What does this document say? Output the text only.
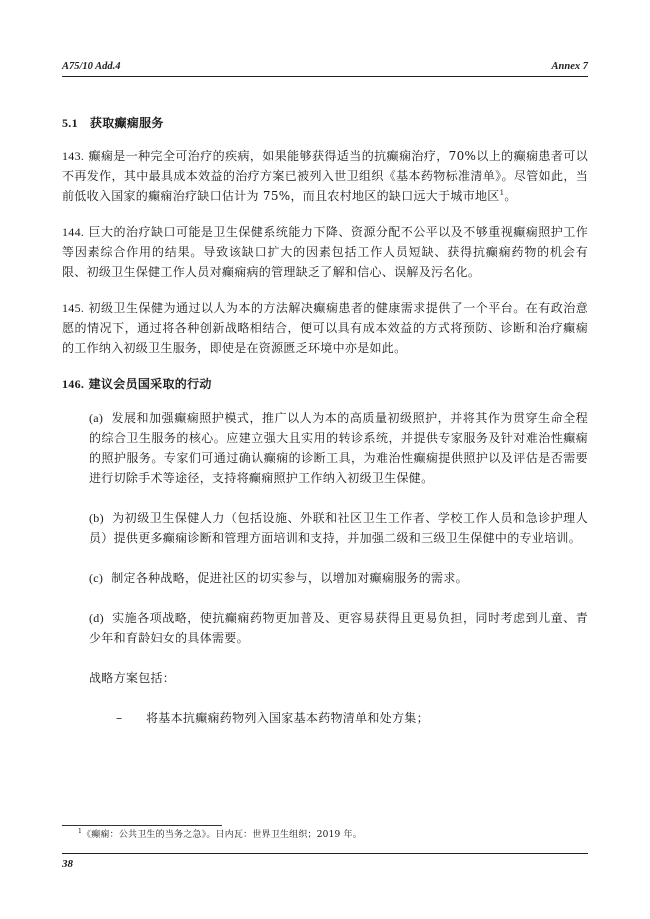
A75/10 Add.4	Annex 7
5.1 获取癫痫服务

143. 癫痫是一种完全可治疗的疾病，如果能够获得适当的抗癫痫治疗，70%以上的癫痫患者可以不再发作，其中最具成本效益的治疗方案已被列入世卫组织《基本药物标准清单》。尽管如此，当前低收入国家的癫痫治疗缺口估计为 75%，而且农村地区的缺口远大于城市地区$^1$。

144. 巨大的治疗缺口可能是卫生保健系统能力下降、资源分配不公平以及不够重视癫痫照护工作等因素综合作用的结果。导致该缺口扩大的因素包括工作人员短缺、获得抗癫痫药物的机会有限、初级卫生保健工作人员对癫痫病的管理缺乏了解和信心、误解及污名化。

145. 初级卫生保健为通过以人为本的方法解决癫痫患者的健康需求提供了一个平台。在有政治意愿的情况下，通过将各种创新战略相结合，便可以具有成本效益的方式将预防、诊断和治疗癫痫的工作纳入初级卫生服务，即使是在资源匮乏环境中亦是如此。

146. 建议会员国采取的行动

(a) 发展和加强癫痫照护模式，推广以人为本的高质量初级照护，并将其作为贯穿生命全程的综合卫生服务的核心。应建立强大且实用的转诊系统，并提供专家服务及针对难治性癫痫的照护服务。专家们可通过确认癫痫的诊断工具，为难治性癫痫提供照护以及评估是否需要进行切除手术等途径，支持将癫痫照护工作纳入初级卫生保健。

(b) 为初级卫生保健人力（包括设施、外联和社区卫生工作者、学校工作人员和急诊护理人员）提供更多癫痫诊断和管理方面培训和支持，并加强二级和三级卫生保健中的专业培训。

(c) 制定各种战略，促进社区的切实参与，以增加对癫痫服务的需求。

(d) 实施各项战略，使抗癫痫药物更加普及、更容易获得且更易负担，同时考虑到儿童、青少年和育龄妇女的具体需要。

战略方案包括：

–	将基本抗癫痫药物列入国家基本药物清单和处方集；
$^1$《癫痫：公共卫生的当务之急》。日内瓦：世界卫生组织；2019 年。
38
